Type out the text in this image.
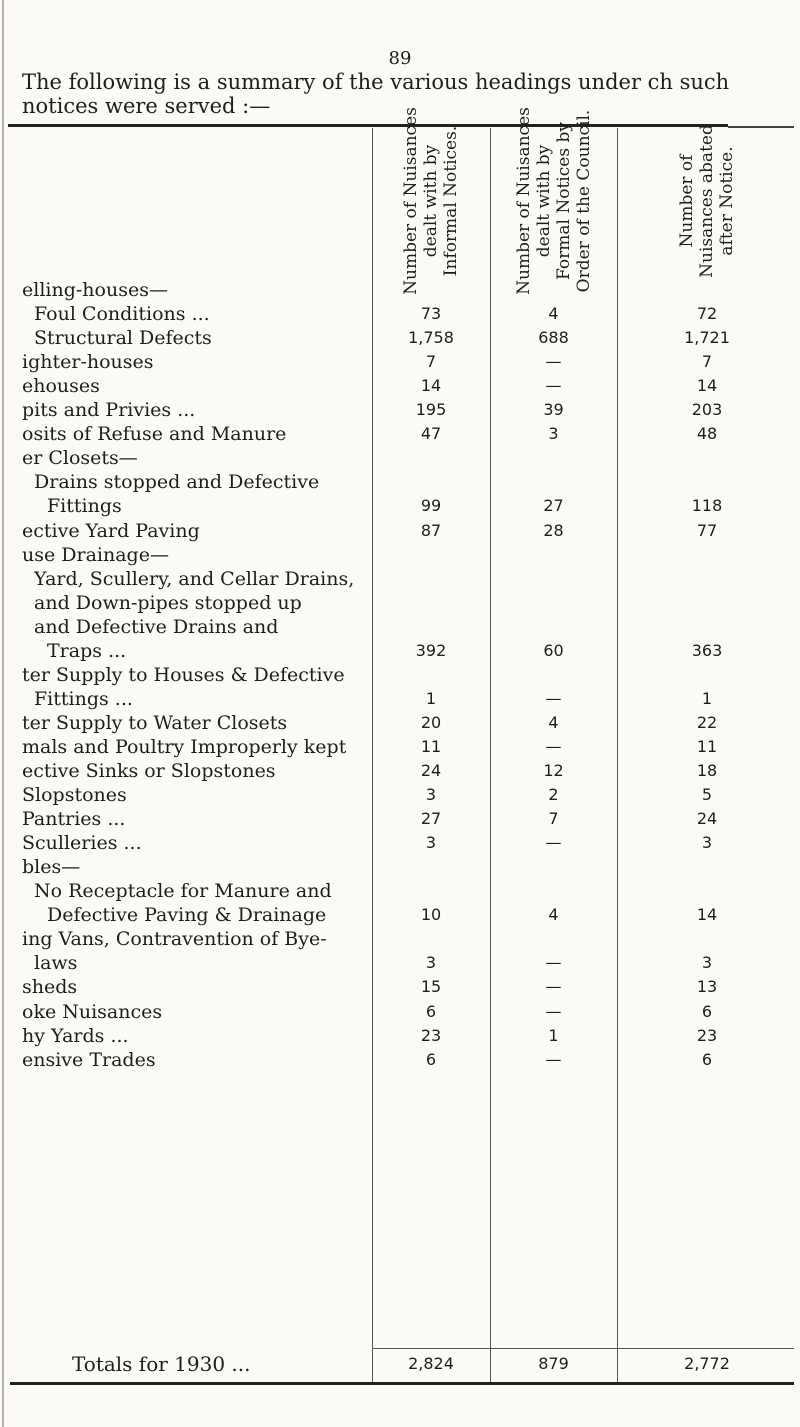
89

The following is a summary of the various headings under ch such notices were served :—

Number of Nuisances dealt with by Informal Notices.	Number of Nuisances dealt with by Formal Notices by Order of the Council.	Number of Nuisances abated after Notice.
elling-houses—
Foul Conditions ...	73	4	72
Structural Defects	1,758	688	1,721
ighter-houses	7	—	7
ehouses	14	—	14
pits and Privies ...	195	39	203
osits of Refuse and Manure	47	3	48
er Closets—
Drains stopped and Defective
Fittings	99	27	118
ective Yard Paving	87	28	77
use Drainage—
Yard, Scullery, and Cellar Drains,
and Down-pipes stopped up
and Defective Drains and
Traps ...	392	60	363
ter Supply to Houses & Defective
Fittings ...	1	—	1
ter Supply to Water Closets	20	4	22
mals and Poultry Improperly kept	11	—	11
ective Sinks or Slopstones	24	12	18
Slopstones	3	2	5
Pantries ...	27	7	24
Sculleries ...	3	—	3
bles—
No Receptacle for Manure and
Defective Paving & Drainage	10	4	14
ing Vans, Contravention of Bye-
laws	3	—	3
sheds	15	—	13
oke Nuisances	6	—	6
hy Yards ...	23	1	23
ensive Trades	6	—	6
Totals for 1930 ...	2,824	879	2,772
